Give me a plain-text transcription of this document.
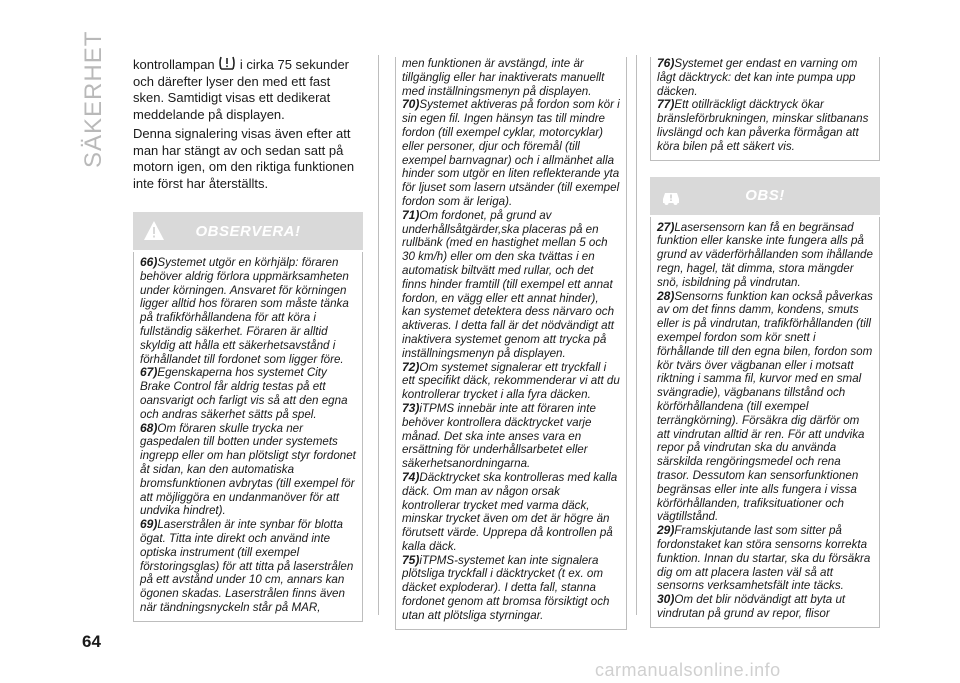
SÄKERHET kontrollampan i cirka 75 sekunder och därefter lyser den med ett fast sken. Samtidigt visas ett dedikerat meddelande på displayen.

Denna signalering visas även efter att man har stängt av och sedan satt på motorn igen, om den riktiga funktionen inte först har återställts.

OBSERVERA!

66)Systemet utgör en körhjälp: föraren behöver aldrig förlora uppmärksamheten under körningen. Ansvaret för körningen ligger alltid hos föraren som måste tänka på trafikförhållandena för att köra i fullständig säkerhet. Föraren är alltid skyldig att hålla ett säkerhetsavstånd i förhållandet till fordonet som ligger före.

67)Egenskaperna hos systemet City Brake Control får aldrig testas på ett oansvarigt och farligt vis så att den egna och andras säkerhet sätts på spel.

68)Om föraren skulle trycka ner gaspedalen till botten under systemets ingrepp eller om han plötsligt styr fordonet åt sidan, kan den automatiska bromsfunktionen avbrytas (till exempel för att möjliggöra en undanmanöver för att undvika hindret).

69)Laserstrålen är inte synbar för blotta ögat. Titta inte direkt och använd inte optiska instrument (till exempel förstoringsglas) för att titta på laserstrålen på ett avstånd under 10 cm, annars kan ögonen skadas. Laserstrålen finns även när tändningsnyckeln står på MAR,

men funktionen är avstängd, inte är tillgänglig eller har inaktiverats manuellt med inställningsmenyn på displayen.

70)Systemet aktiveras på fordon som kör i sin egen fil. Ingen hänsyn tas till mindre fordon (till exempel cyklar, motorcyklar) eller personer, djur och föremål (till exempel barnvagnar) och i allmänhet alla hinder som utgör en liten reflekterande yta för ljuset som lasern utsänder (till exempel fordon som är leriga).

71)Om fordonet, på grund av underhållsåtgärder,ska placeras på en rullbänk (med en hastighet mellan 5 och 30 km/h) eller om den ska tvättas i en automatisk biltvätt med rullar, och det finns hinder framtill (till exempel ett annat fordon, en vägg eller ett annat hinder), kan systemet detektera dess närvaro och aktiveras. I detta fall är det nödvändigt att inaktivera systemet genom att trycka på inställningsmenyn på displayen.

72)Om systemet signalerar ett tryckfall i ett specifikt däck, rekommenderar vi att du kontrollerar trycket i alla fyra däcken.

73)iTPMS innebär inte att föraren inte behöver kontrollera däcktrycket varje månad. Det ska inte anses vara en ersättning för underhållsarbetet eller säkerhetsanordningarna.

74)Däcktrycket ska kontrolleras med kalla däck. Om man av någon orsak kontrollerar trycket med varma däck, minskar trycket även om det är högre än förutsett värde. Upprepa då kontrollen på kalla däck.

75)iTPMS-systemet kan inte signalera plötsliga tryckfall i däcktrycket (t ex. om däcket exploderar). I detta fall, stanna fordonet genom att bromsa försiktigt och utan att plötsliga styrningar.

76)Systemet ger endast en varning om lågt däcktryck: det kan inte pumpa upp däcken.

77)Ett otillräckligt däcktryck ökar bränsleförbrukningen, minskar slitbanans livslängd och kan påverka förmågan att köra bilen på ett säkert vis.

OBS!

27)Lasersensorn kan få en begränsad funktion eller kanske inte fungera alls på grund av väderförhållanden som ihållande regn, hagel, tät dimma, stora mängder snö, isbildning på vindrutan.

28)Sensorns funktion kan också påverkas av om det finns damm, kondens, smuts eller is på vindrutan, trafikförhållanden (till exempel fordon som kör snett i förhållande till den egna bilen, fordon som kör tvärs över vägbanan eller i motsatt riktning i samma fil, kurvor med en smal svängradie), vägbanans tillstånd och körförhållandena (till exempel terrängkörning). Försäkra dig därför om att vindrutan alltid är ren. För att undvika repor på vindrutan ska du använda särskilda rengöringsmedel och rena trasor. Dessutom kan sensorfunktionen begränsas eller inte alls fungera i vissa körförhållanden, trafiksituationer och vägtillstånd.

29)Framskjutande last som sitter på fordonstaket kan störa sensorns korrekta funktion. Innan du startar, ska du försäkra dig om att placera lasten väl så att sensorns verksamhetsfält inte täcks.

30)Om det blir nödvändigt att byta ut vindrutan på grund av repor, flisor

64
carmanualsonline.info
